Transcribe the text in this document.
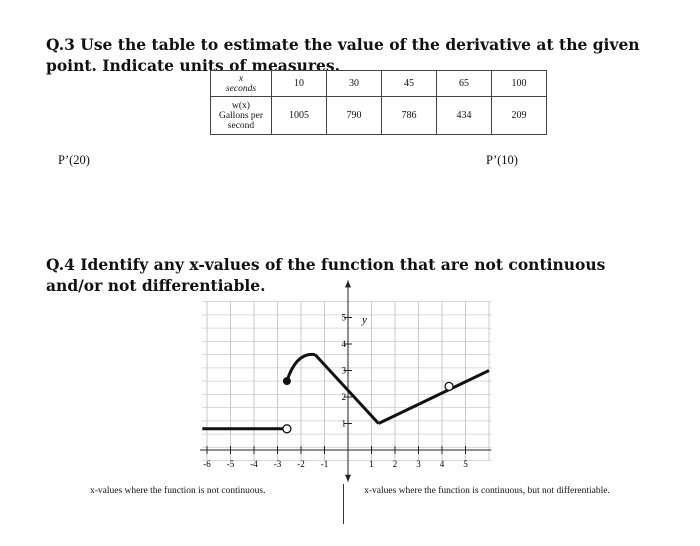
Q.3 Use the table to estimate the value of the derivative at the given point. Indicate units of measures.
x
seconds	10	30	45	65	100

w(x)
Gallons per second	1005	790	786	434	209
P’(20)	P’(10)
Q.4 Identify any x-values of the function that are not continuous and/or not differentiable.
-6 -5 -4 -3 -2 -1	1 2 3 4 5
1
2
3
4
5 y
x-values where the function is not continuous.	x-values where the function is continuous, but not differentiable.
